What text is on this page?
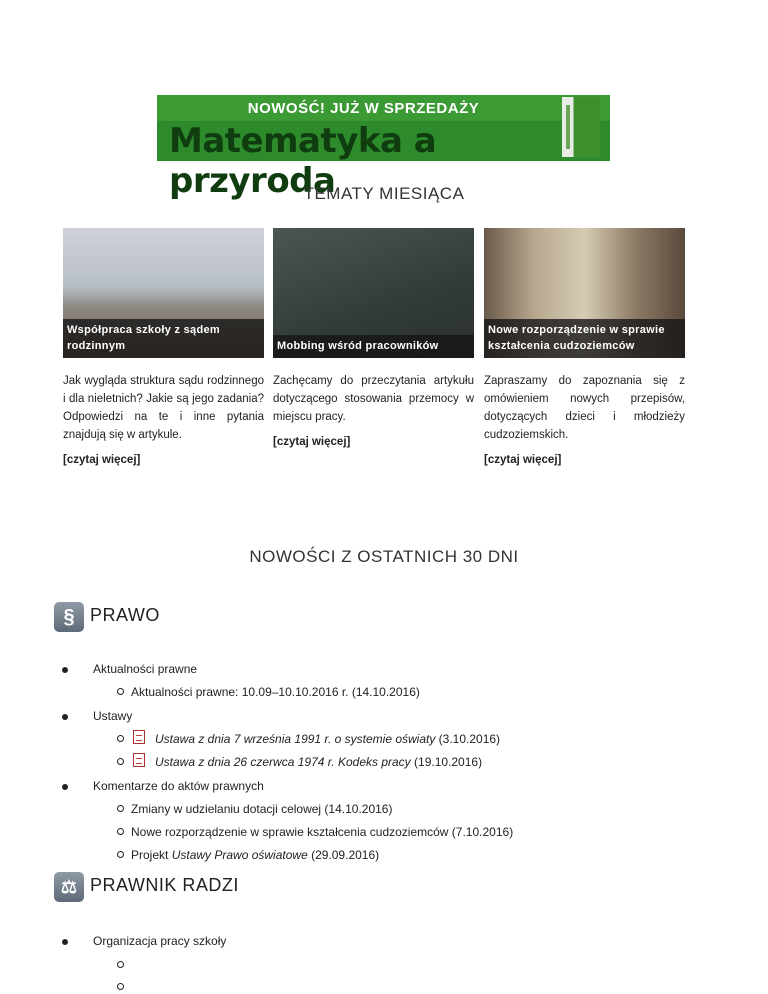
NOWOŚĆ! JUŻ W SPRZEDAŻY
Matematyka a przyroda
TEMATY MIESIĄCA
Współpraca szkoły z sądem rodzinnym
Jak wygląda struktura sądu rodzinnego i dla nieletnich? Jakie są jego zadania? Odpowiedzi na te i inne pytania znajdują się w artykule.
[czytaj więcej]
Mobbing wśród pracowników
Zachęcamy do przeczytania artykułu dotyczącego stosowania przemocy w miejscu pracy.
[czytaj więcej]
Nowe rozporządzenie w sprawie kształcenia cudzoziemców
Zapraszamy do zapoznania się z omówieniem nowych przepisów, dotyczących dzieci i młodzieży cudzoziemskich.
[czytaj więcej]
NOWOŚCI Z OSTATNICH 30 DNI
§ PRAWO
Aktualności prawne
Aktualności prawne: 10.09–10.10.2016 r. (14.10.2016)
Ustawy
Ustawa z dnia 7 września 1991 r. o systemie oświaty (3.10.2016)
Ustawa z dnia 26 czerwca 1974 r. Kodeks pracy (19.10.2016)
Komentarze do aktów prawnych
Zmiany w udzielaniu dotacji celowej (14.10.2016)
Nowe rozporządzenie w sprawie kształcenia cudzoziemców (7.10.2016)
Projekt Ustawy Prawo oświatowe (29.09.2016)
⚖ PRAWNIK RADZI
Organizacja pracy szkoły
